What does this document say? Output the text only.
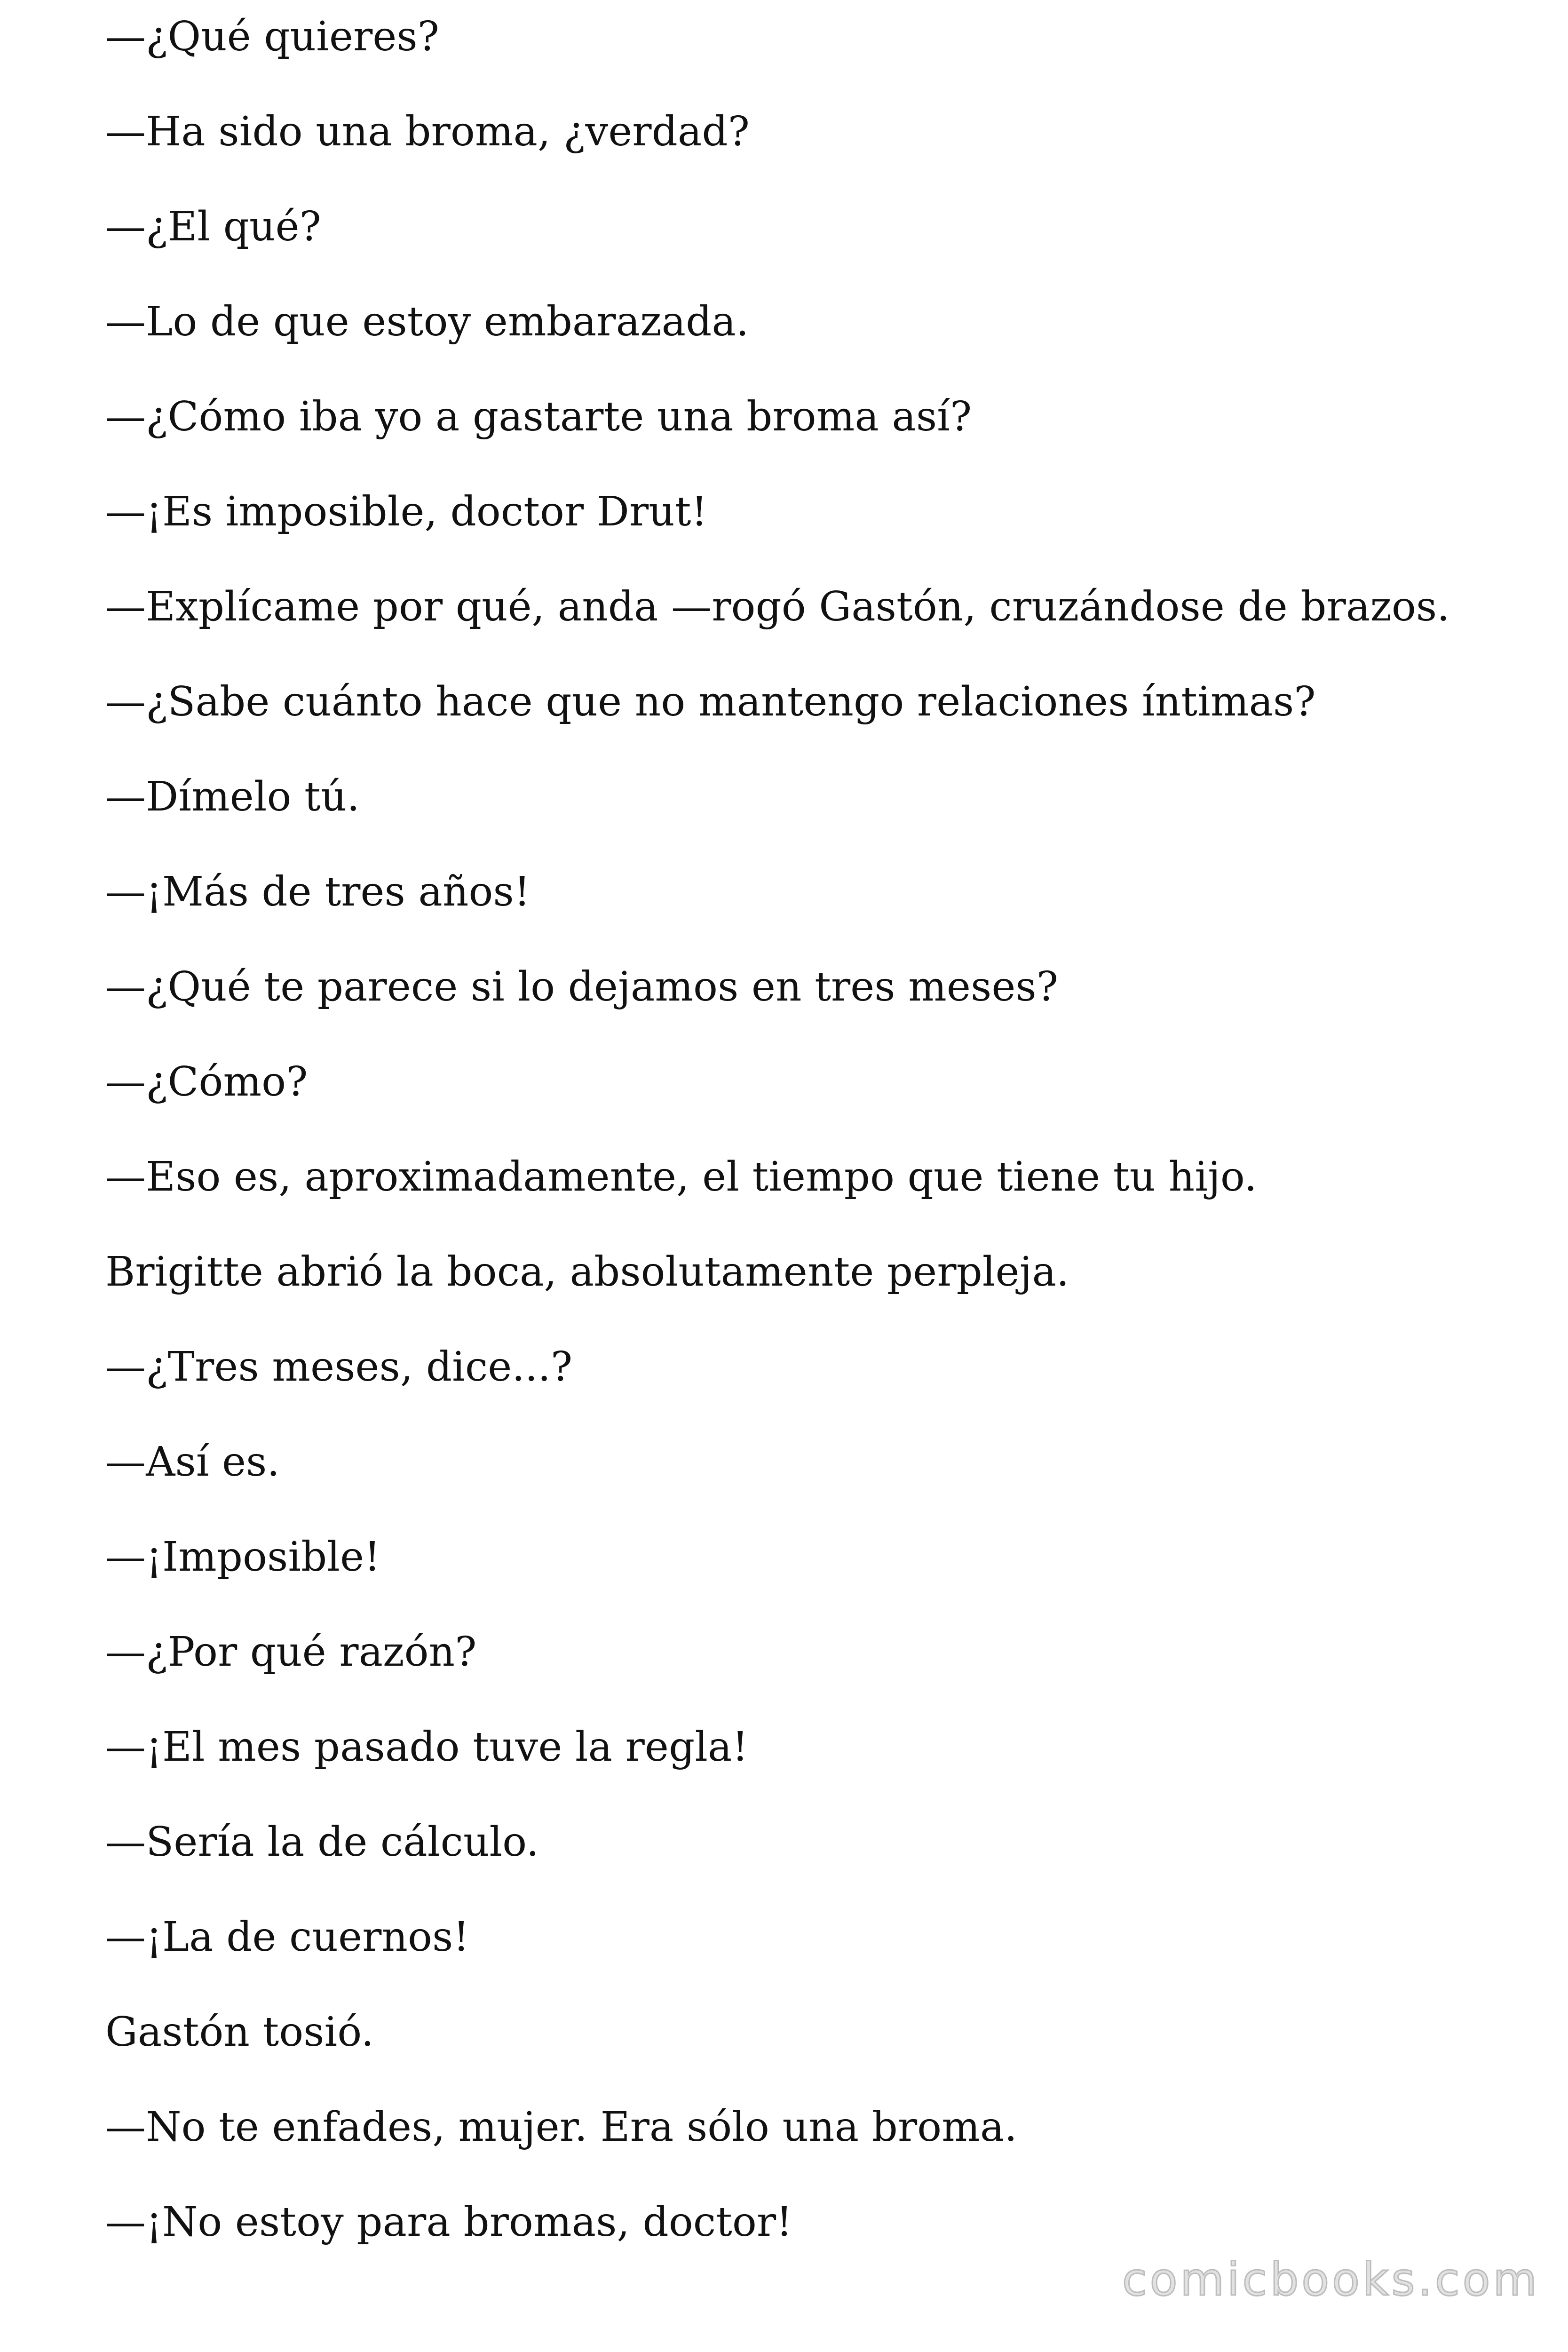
—¿Qué quieres?

—Ha sido una broma, ¿verdad?

—¿El qué?

—Lo de que estoy embarazada.

—¿Cómo iba yo a gastarte una broma así?

—¡Es imposible, doctor Drut!

—Explícame por qué, anda —rogó Gastón, cruzándose de brazos.

—¿Sabe cuánto hace que no mantengo relaciones íntimas?

—Dímelo tú.

—¡Más de tres años!

—¿Qué te parece si lo dejamos en tres meses?

—¿Cómo?

—Eso es, aproximadamente, el tiempo que tiene tu hijo.

Brigitte abrió la boca, absolutamente perpleja.

—¿Tres meses, dice...?

—Así es.

—¡Imposible!

—¿Por qué razón?

—¡El mes pasado tuve la regla!

—Sería la de cálculo.

—¡La de cuernos!

Gastón tosió.

—No te enfades, mujer. Era sólo una broma.

—¡No estoy para bromas, doctor!

comicbooks.com
